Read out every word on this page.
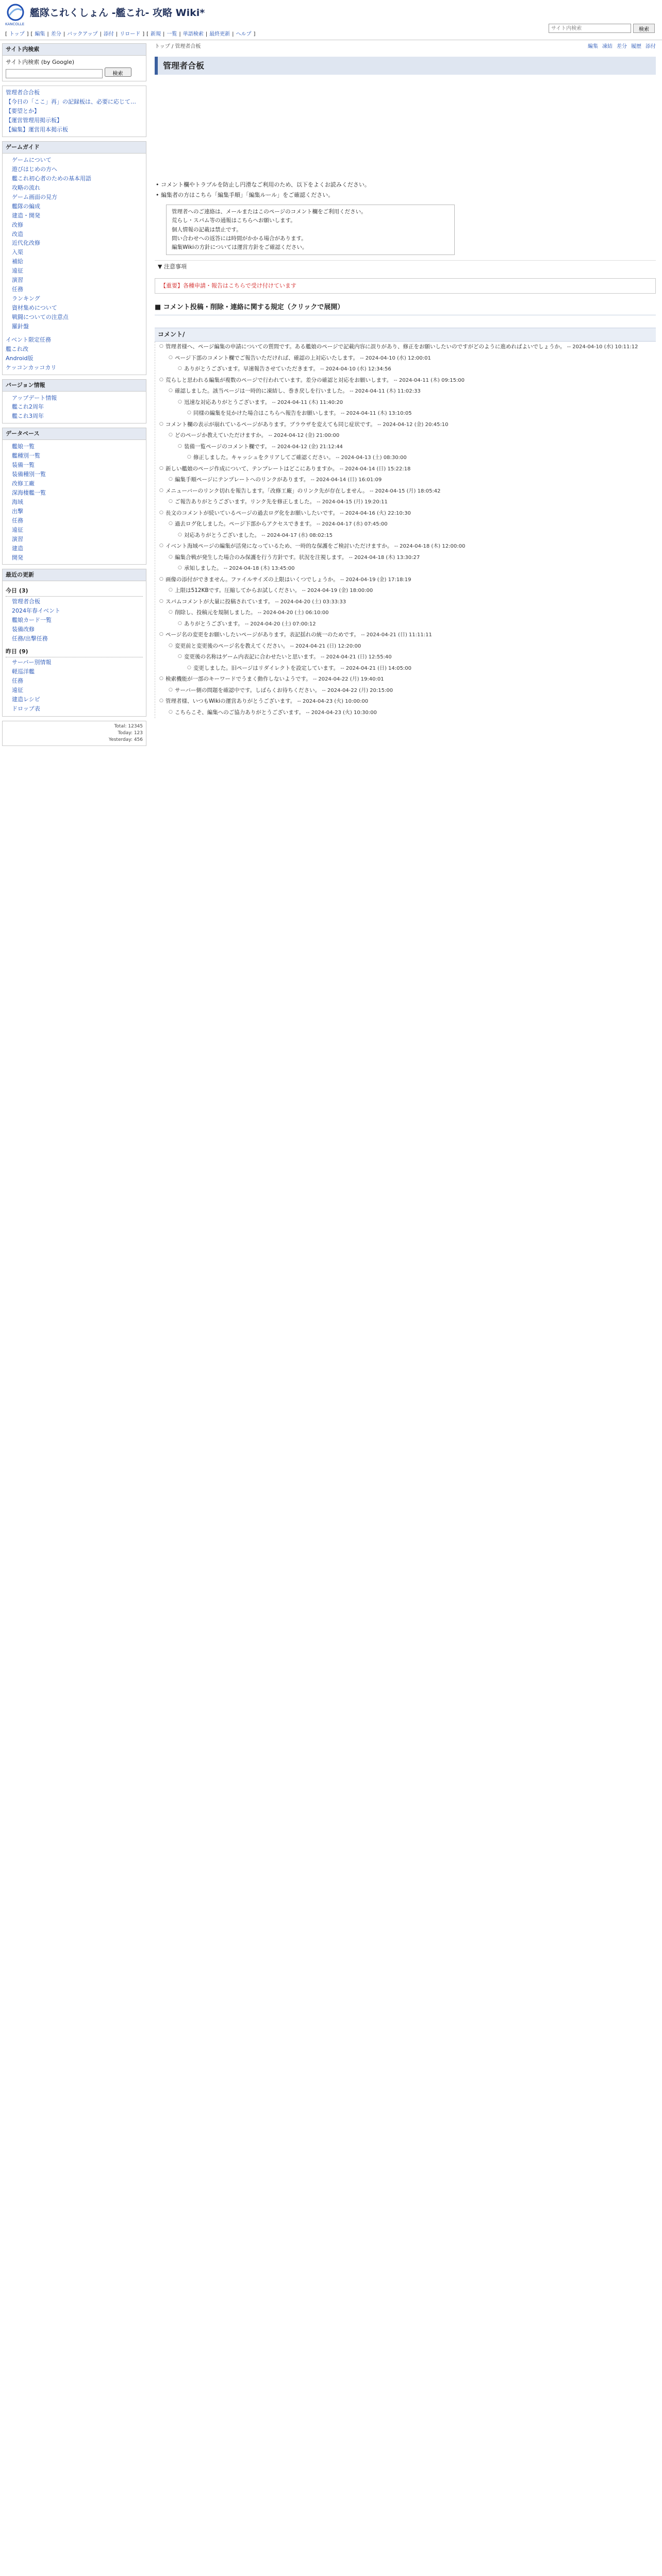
KANCOLLE
艦隊これくしょん -艦これ- 攻略 Wiki*
[ トップ ] [ 編集 | 差分 | バックアップ | 添付 | リロード ] [ 新規 | 一覧 | 単語検索 | 最終更新 | ヘルプ ]
サイト内検索
検索
サイト内検索
サイト内検索 (by Google)
検索
管理者合合板
【今日の「ここ」再」の記録板は、必要に応じて…
【要望とか】
【運営管理用掲示板】
【編集】運営用本掲示板
ゲームガイド
ゲームについて
遊びはじめの方へ
艦これ初心者のための基本用語
攻略の流れ
ゲーム画面の見方
艦隊の編成
建造・開発
改修
改造
近代化改修
入渠
補給
遠征
演習
任務
ランキング
資材集めについて
戦闘についての注意点
羅針盤
イベント限定任務
艦これ改
Android版
ケッコンカッコカリ
バージョン情報
アップデート情報
艦これ2周年
艦これ3周年
データベース
艦娘一覧
艦種別一覧
装備一覧
装備種別一覧
改修工廠
深海棲艦一覧
海域
出撃
任務
遠征
演習
建造
開発
最近の更新
今日 (3)
管理者合板
2024年春イベント
艦娘カード一覧
装備改修
任務/出撃任務
昨日 (9)
サーバー別情報
軽巡洋艦
任務
遠征
建造レシピ
ドロップ表
Total: 12345
Today: 123
Yesterday: 456
トップ / 管理者合板	編集 凍結 差分 履歴 添付
管理者合板
• コメント欄やトラブルを防止し円滑なご利用のため、以下をよくお読みください。
• 編集者の方はこちら「編集手順」「編集ルール」をご確認ください。
管理者へのご連絡は、メールまたはこのページのコメント欄をご利用ください。
荒らし・スパム等の通報はこちらへお願いします。
個人情報の記載は禁止です。
問い合わせへの返答には時間がかかる場合があります。
編集Wikiの方針については運営方針をご確認ください。
▼ 注意事項
【重要】各種申請・報告はこちらで受け付けています
■ コメント投稿・削除・連絡に関する規定（クリックで展開）
コメント/
○ 管理者様へ、ページ編集の申請についての質問です。ある艦娘のページで記載内容に誤りがあり、修正をお願いしたいのですがどのように進めればよいでしょうか。 -- 2024-04-10 (水) 10:11:12
○ ページ下部のコメント欄でご報告いただければ、確認の上対応いたします。 -- 2024-04-10 (水) 12:00:01
○ ありがとうございます。早速報告させていただきます。 -- 2024-04-10 (水) 12:34:56
○ 荒らしと思われる編集が複数のページで行われています。差分の確認と対応をお願いします。 -- 2024-04-11 (木) 09:15:00
○ 確認しました。該当ページは一時的に凍結し、巻き戻しを行いました。 -- 2024-04-11 (木) 11:02:33
○ 迅速な対応ありがとうございます。 -- 2024-04-11 (木) 11:40:20
○ 同様の編集を見かけた場合はこちらへ報告をお願いします。 -- 2024-04-11 (木) 13:10:05
○ コメント欄の表示が崩れているページがあります。ブラウザを変えても同じ症状です。 -- 2024-04-12 (金) 20:45:10
○ どのページか教えていただけますか。 -- 2024-04-12 (金) 21:00:00
○ 装備一覧ページのコメント欄です。 -- 2024-04-12 (金) 21:12:44
○ 修正しました。キャッシュをクリアしてご確認ください。 -- 2024-04-13 (土) 08:30:00
○ 新しい艦娘のページ作成について、テンプレートはどこにありますか。 -- 2024-04-14 (日) 15:22:18
○ 編集手順ページにテンプレートへのリンクがあります。 -- 2024-04-14 (日) 16:01:09
○ メニューバーのリンク切れを報告します。「改修工廠」のリンク先が存在しません。 -- 2024-04-15 (月) 18:05:42
○ ご報告ありがとうございます。リンク先を修正しました。 -- 2024-04-15 (月) 19:20:11
○ 長文のコメントが続いているページの過去ログ化をお願いしたいです。 -- 2024-04-16 (火) 22:10:30
○ 過去ログ化しました。ページ下部からアクセスできます。 -- 2024-04-17 (水) 07:45:00
○ 対応ありがとうございました。 -- 2024-04-17 (水) 08:02:15
○ イベント海域ページの編集が活発になっているため、一時的な保護をご検討いただけますか。 -- 2024-04-18 (木) 12:00:00
○ 編集合戦が発生した場合のみ保護を行う方針です。状況を注視します。 -- 2024-04-18 (木) 13:30:27
○ 承知しました。 -- 2024-04-18 (木) 13:45:00
○ 画像の添付ができません。ファイルサイズの上限はいくつでしょうか。 -- 2024-04-19 (金) 17:18:19
○ 上限は512KBです。圧縮してからお試しください。 -- 2024-04-19 (金) 18:00:00
○ スパムコメントが大量に投稿されています。 -- 2024-04-20 (土) 03:33:33
○ 削除し、投稿元を規制しました。 -- 2024-04-20 (土) 06:10:00
○ ありがとうございます。 -- 2024-04-20 (土) 07:00:12
○ ページ名の変更をお願いしたいページがあります。表記揺れの統一のためです。 -- 2024-04-21 (日) 11:11:11
○ 変更前と変更後のページ名を教えてください。 -- 2024-04-21 (日) 12:20:00
○ 変更後の名称はゲーム内表記に合わせたいと思います。 -- 2024-04-21 (日) 12:55:40
○ 変更しました。旧ページはリダイレクトを設定しています。 -- 2024-04-21 (日) 14:05:00
○ 検索機能が一部のキーワードでうまく動作しないようです。 -- 2024-04-22 (月) 19:40:01
○ サーバー側の問題を確認中です。しばらくお待ちください。 -- 2024-04-22 (月) 20:15:00
○ 管理者様、いつもWikiの運営ありがとうございます。 -- 2024-04-23 (火) 10:00:00
○ こちらこそ、編集へのご協力ありがとうございます。 -- 2024-04-23 (火) 10:30:00
